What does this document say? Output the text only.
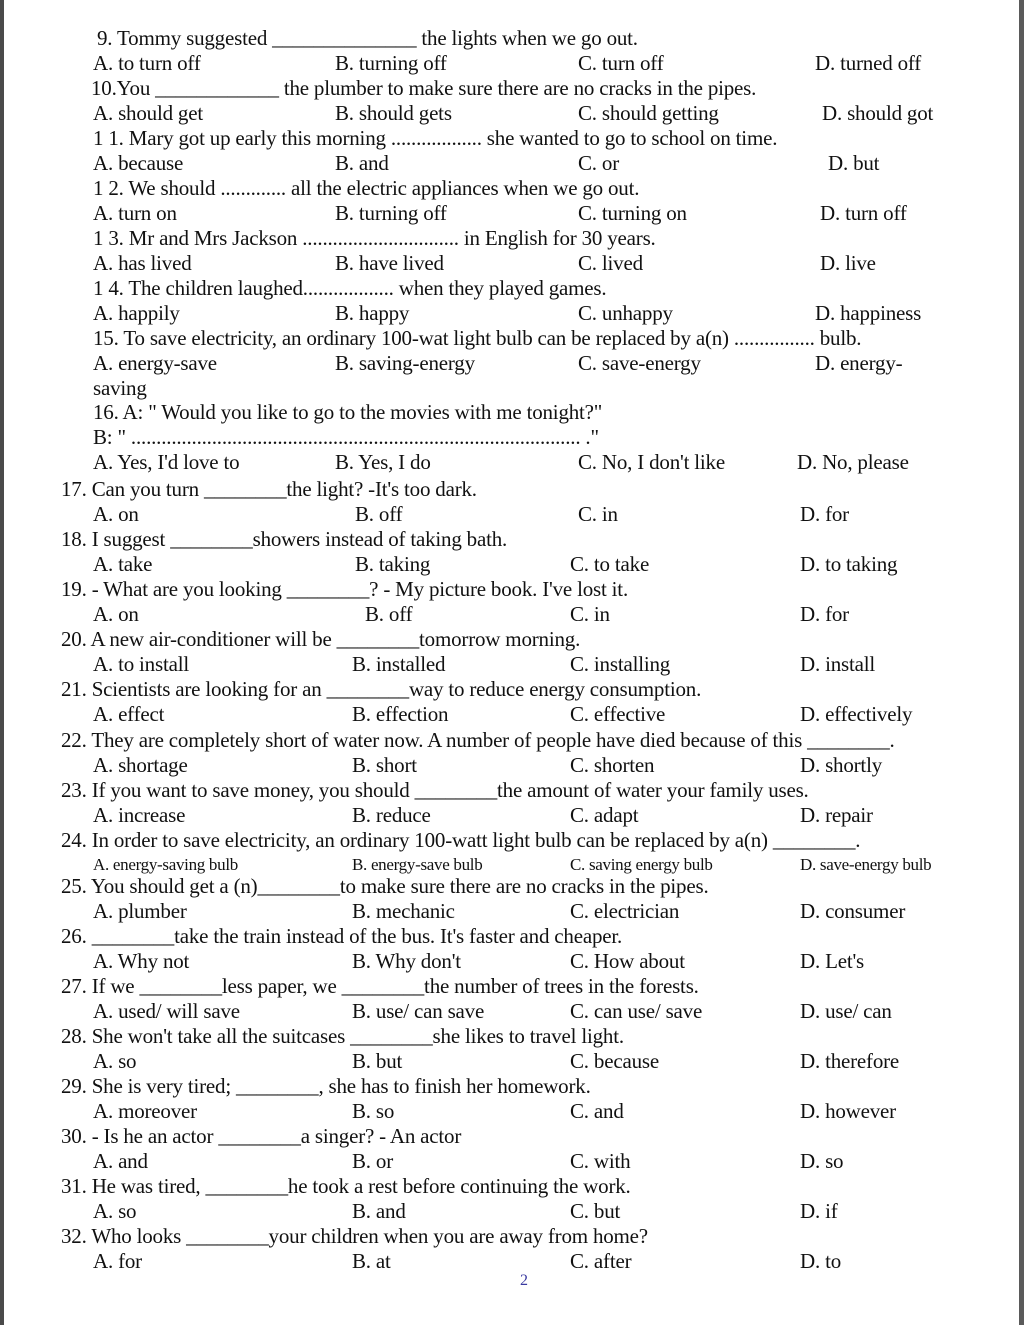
9. Tommy suggested ______________ the lights when we go out.
A. to turn off	B. turning off	C. turn off	D. turned off
10.You ____________ the plumber to make sure there are no cracks in the pipes.
A. should get	B. should gets	C. should getting	D. should got
1 1. Mary got up early this morning .................. she wanted to go to school on time.
A. because	B. and	C. or	D. but
1 2. We should ............. all the electric appliances when we go out.
A. turn on	B. turning off	C. turning on	D. turn off
1 3. Mr and Mrs Jackson ............................... in English for 30 years.
A. has lived	B. have lived	C. lived	D. live
1 4. The children laughed.................. when they played games.
A. happily	B. happy	C. unhappy	D. happiness
15. To save electricity, an ordinary 100-wat light bulb can be replaced by a(n) ................ bulb.
A. energy-save	B. saving-energy	C. save-energy	D. energy-
saving
16. A: " Would you like to go to the movies with me tonight?"
B: " ......................................................................................... ."
A. Yes, I'd love to	B. Yes, I do	C. No, I don't like	D. No, please
17. Can you turn ________the light? -It's too dark.
A. on	B. off	C. in	D. for
18. I suggest ________showers instead of taking bath.
A. take	B. taking	C. to take	D. to taking
19. - What are you looking ________? - My picture book. I've lost it.
A. on	B. off	C. in	D. for
20. A new air-conditioner will be ________tomorrow morning.
A. to install	B. installed	C. installing	D. install
21. Scientists are looking for an ________way to reduce energy consumption.
A. effect	B. effection	C. effective	D. effectively
22. They are completely short of water now. A number of people have died because of this ________.
A. shortage	B. short	C. shorten	D. shortly
23. If you want to save money, you should ________the amount of water your family uses.
A. increase	B. reduce	C. adapt	D. repair
24. In order to save electricity, an ordinary 100-watt light bulb can be replaced by a(n) ________.
A. energy-saving bulb	B. energy-save bulb	C. saving energy bulb	D. save-energy bulb
25. You should get a (n)________to make sure there are no cracks in the pipes.
A. plumber	B. mechanic	C. electrician	D. consumer
26. ________take the train instead of the bus. It's faster and cheaper.
A. Why not	B. Why don't	C. How about	D. Let's
27. If we ________less paper, we ________the number of trees in the forests.
A. used/ will save	B. use/ can save	C. can use/ save	D. use/ can
28. She won't take all the suitcases ________she likes to travel light.
A. so	B. but	C. because	D. therefore
29. She is very tired; ________, she has to finish her homework.
A. moreover	B. so	C. and	D. however
30. - Is he an actor ________a singer? - An actor
A. and	B. or	C. with	D. so
31. He was tired, ________he took a rest before continuing the work.
A. so	B. and	C. but	D. if
32. Who looks ________your children when you are away from home?
A. for	B. at	C. after	D. to
2
